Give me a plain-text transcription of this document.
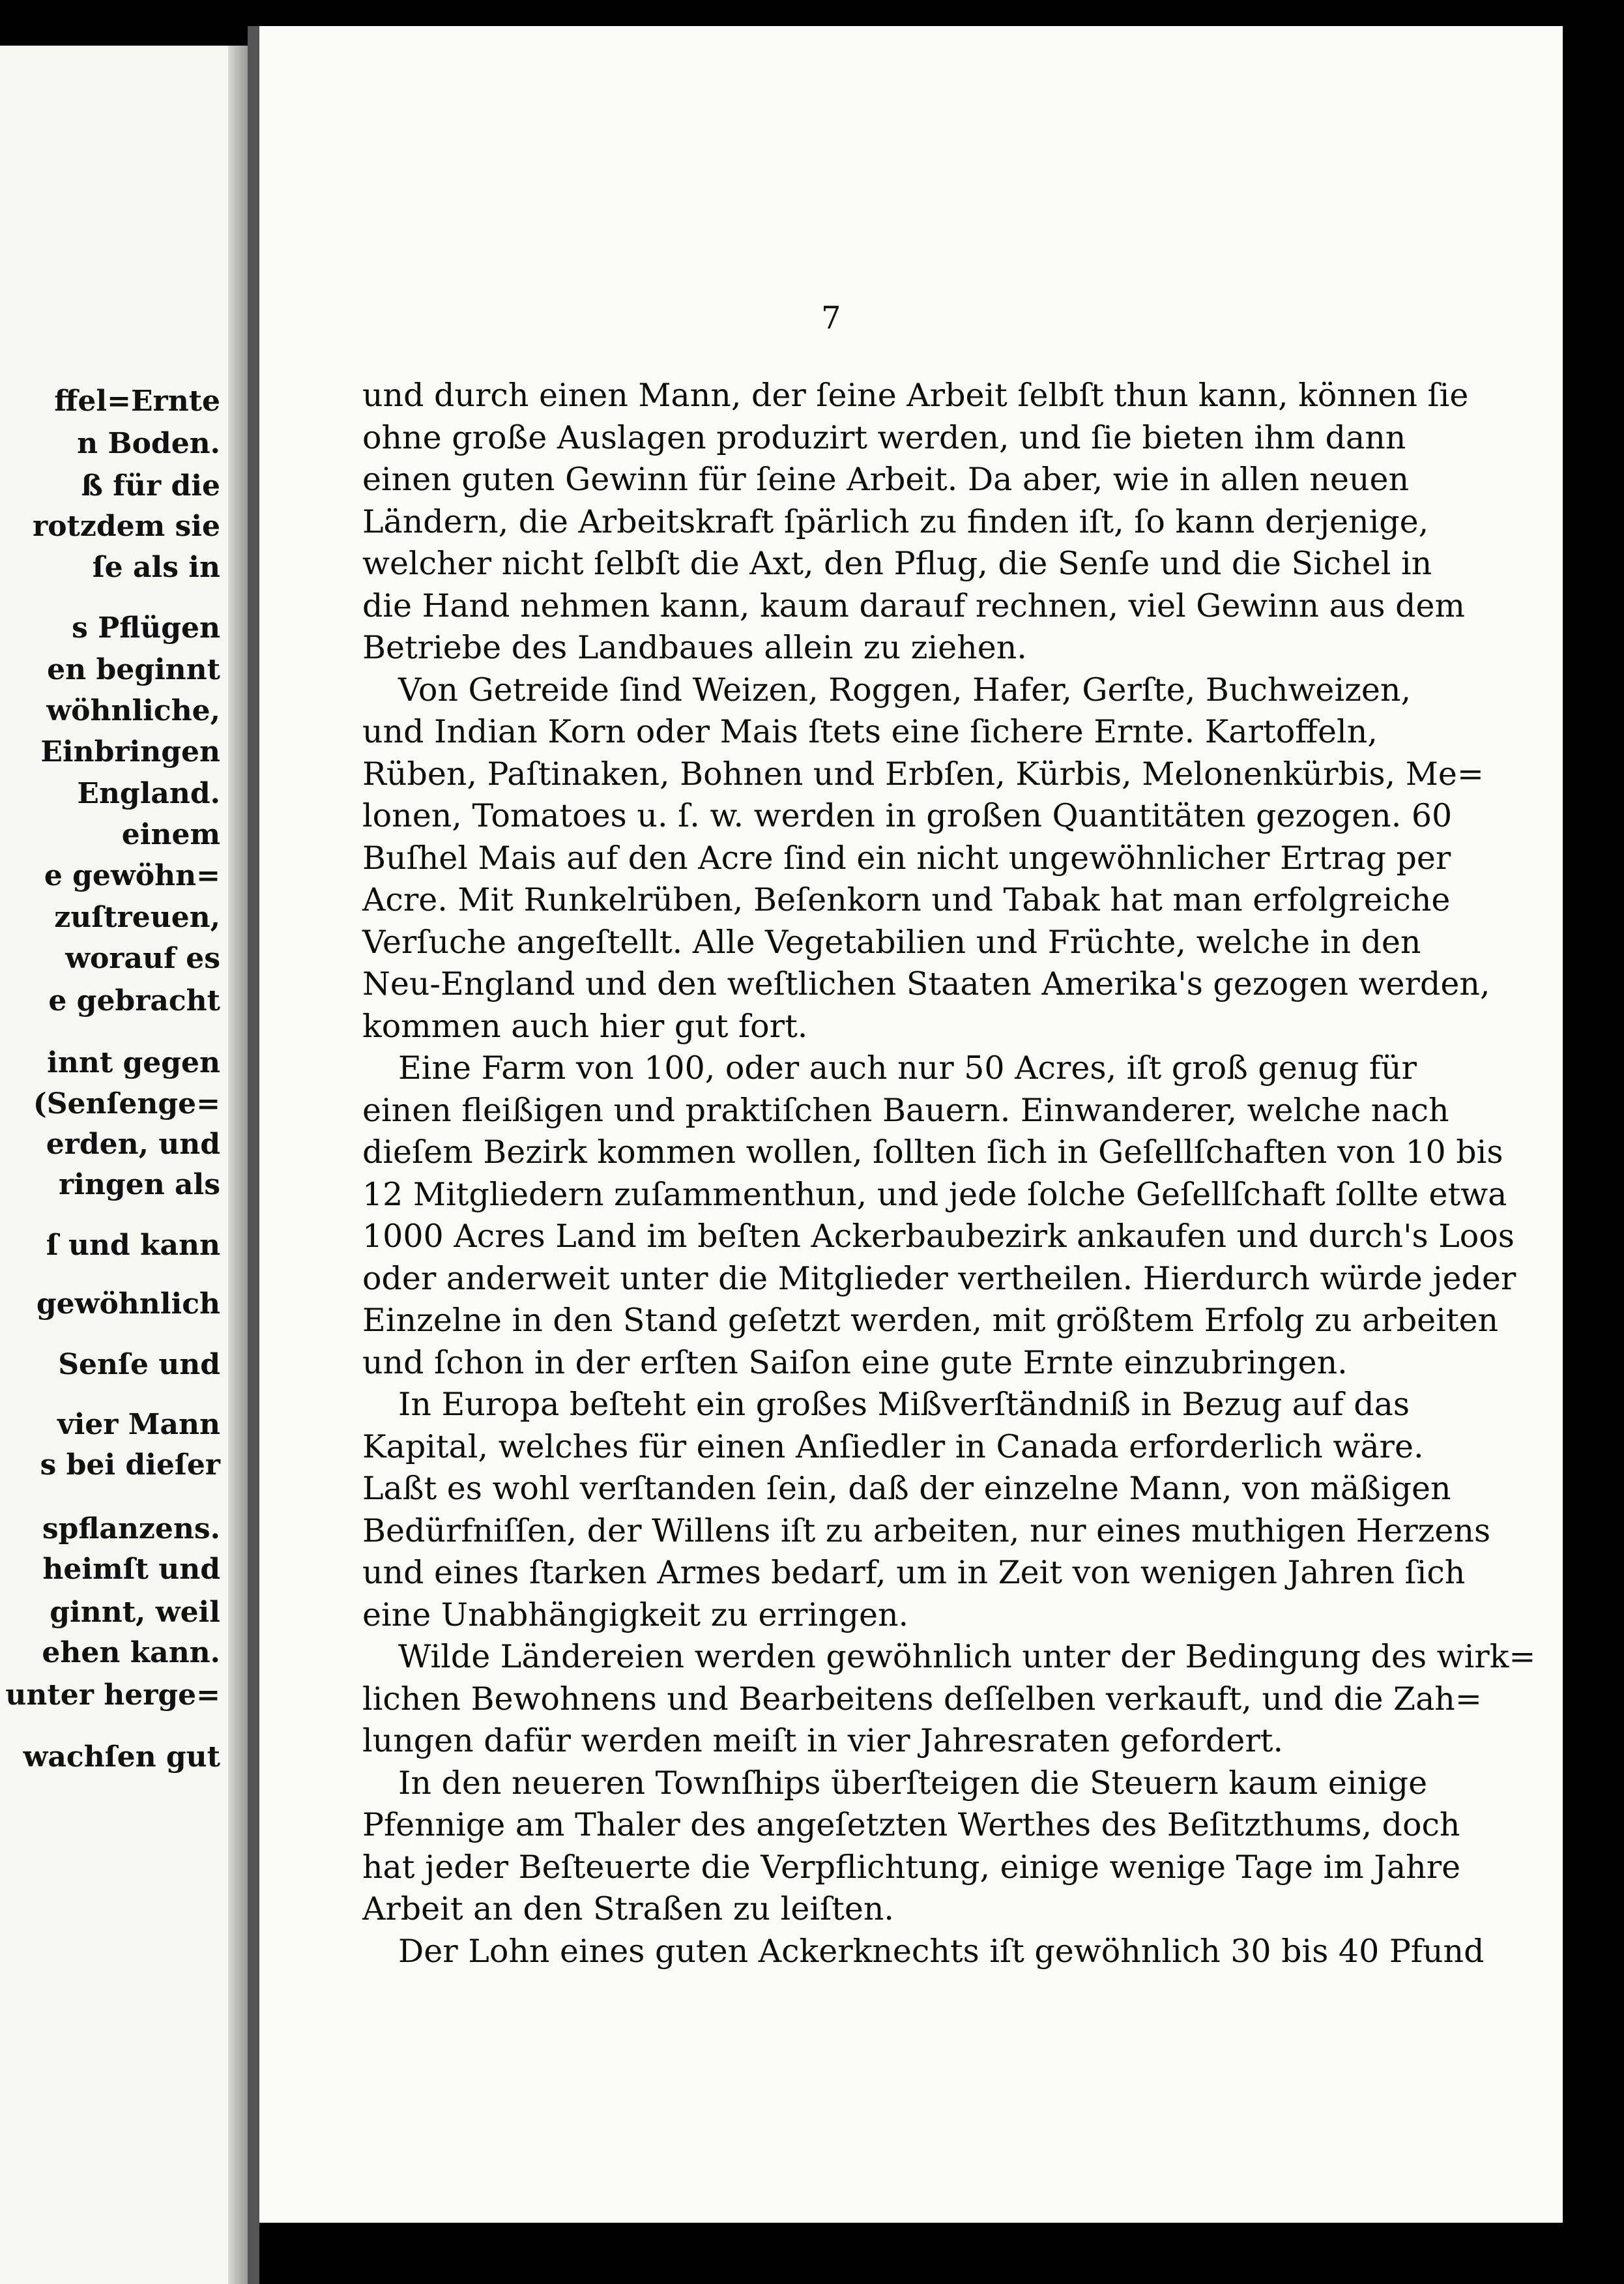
ffel=Ernte
n Boden.
ß für die
rotzdem sie
ſe als in
s Pflügen
en beginnt
wöhnliche,
Einbringen
England.
einem
e gewöhn=
zuſtreuen,
worauf es
e gebracht
innt gegen
(Senſenge=
erden, und
ringen als
ſ und kann
gewöhnlich
Senſe und
vier Mann
s bei dieſer
spflanzens.
heimſt und
ginnt, weil
ehen kann.
unter herge=
wachſen gut
7
und durch einen Mann, der ſeine Arbeit ſelbſt thun kann, können ſie
ohne große Auslagen produzirt werden, und ſie bieten ihm dann
einen guten Gewinn für ſeine Arbeit. Da aber, wie in allen neuen
Ländern, die Arbeitskraft ſpärlich zu finden iſt, ſo kann derjenige,
welcher nicht ſelbſt die Axt, den Pflug, die Senſe und die Sichel in
die Hand nehmen kann, kaum darauf rechnen, viel Gewinn aus dem
Betriebe des Landbaues allein zu ziehen.
Von Getreide ſind Weizen, Roggen, Hafer, Gerſte, Buchweizen,
und Indian Korn oder Mais ſtets eine ſichere Ernte. Kartoffeln,
Rüben, Paſtinaken, Bohnen und Erbſen, Kürbis, Melonenkürbis, Me=
lonen, Tomatoes u. ſ. w. werden in großen Quantitäten gezogen. 60
Buſhel Mais auf den Acre ſind ein nicht ungewöhnlicher Ertrag per
Acre. Mit Runkelrüben, Beſenkorn und Tabak hat man erfolgreiche
Verſuche angeſtellt. Alle Vegetabilien und Früchte, welche in den
Neu-England und den weſtlichen Staaten Amerika's gezogen werden,
kommen auch hier gut fort.
Eine Farm von 100, oder auch nur 50 Acres, iſt groß genug für
einen fleißigen und praktiſchen Bauern. Einwanderer, welche nach
dieſem Bezirk kommen wollen, ſollten ſich in Geſellſchaften von 10 bis
12 Mitgliedern zuſammenthun, und jede ſolche Geſellſchaft ſollte etwa
1000 Acres Land im beſten Ackerbaubezirk ankaufen und durch's Loos
oder anderweit unter die Mitglieder vertheilen. Hierdurch würde jeder
Einzelne in den Stand geſetzt werden, mit größtem Erfolg zu arbeiten
und ſchon in der erſten Saiſon eine gute Ernte einzubringen.
In Europa beſteht ein großes Mißverſtändniß in Bezug auf das
Kapital, welches für einen Anſiedler in Canada erforderlich wäre.
Laßt es wohl verſtanden ſein, daß der einzelne Mann, von mäßigen
Bedürfniſſen, der Willens iſt zu arbeiten, nur eines muthigen Herzens
und eines ſtarken Armes bedarf, um in Zeit von wenigen Jahren ſich
eine Unabhängigkeit zu erringen.
Wilde Ländereien werden gewöhnlich unter der Bedingung des wirk=
lichen Bewohnens und Bearbeitens deſſelben verkauft, und die Zah=
lungen dafür werden meiſt in vier Jahresraten gefordert.
In den neueren Townſhips überſteigen die Steuern kaum einige
Pfennige am Thaler des angeſetzten Werthes des Beſitzthums, doch
hat jeder Beſteuerte die Verpflichtung, einige wenige Tage im Jahre
Arbeit an den Straßen zu leiſten.
Der Lohn eines guten Ackerknechts iſt gewöhnlich 30 bis 40 Pfund
